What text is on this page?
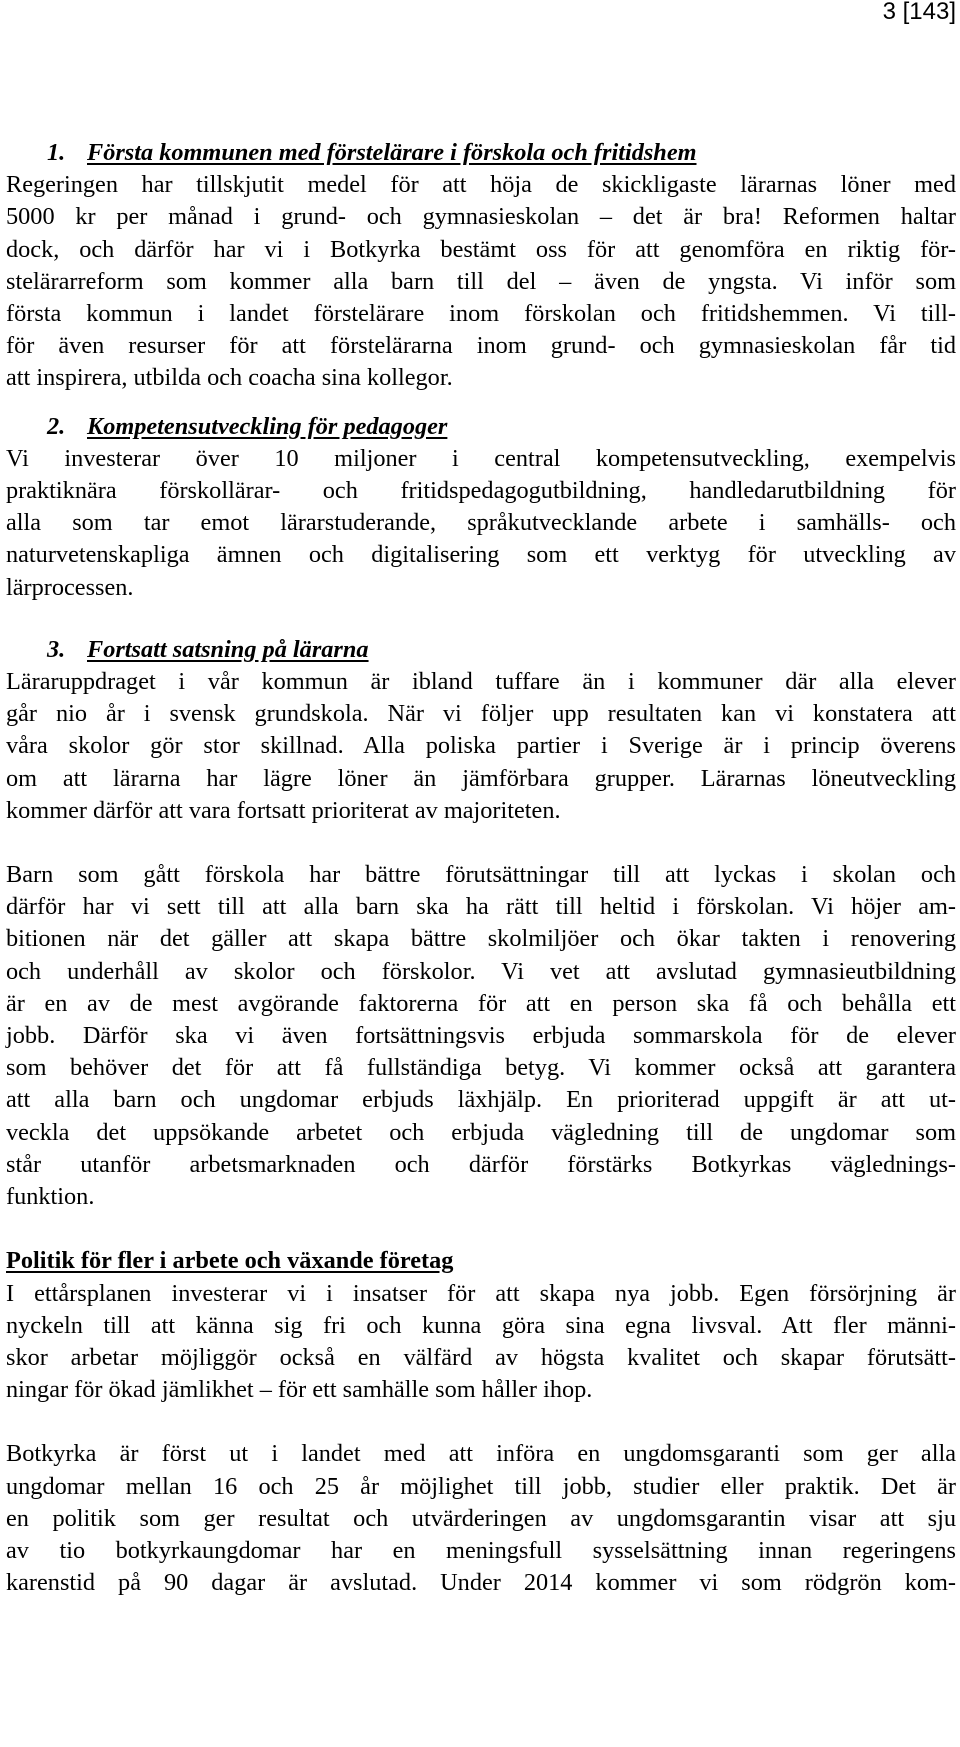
3 [143]
1. Första kommunen med förstelärare i förskola och fritidshem
Regeringen har tillskjutit medel för att höja de skickligaste lärarnas löner med
5000 kr per månad i grund- och gymnasieskolan – det är bra! Reformen haltar
dock, och därför har vi i Botkyrka bestämt oss för att genomföra en riktig för-
stelärarreform som kommer alla barn till del – även de yngsta. Vi inför som
första kommun i landet förstelärare inom förskolan och fritidshemmen. Vi till-
för även resurser för att förstelärarna inom grund- och gymnasieskolan får tid
att inspirera, utbilda och coacha sina kollegor.
2. Kompetensutveckling för pedagoger
Vi investerar över 10 miljoner i central kompetensutveckling, exempelvis
praktiknära förskollärar- och fritidspedagogutbildning, handledarutbildning för
alla som tar emot lärarstuderande, språkutvecklande arbete i samhälls- och
naturvetenskapliga ämnen och digitalisering som ett verktyg för utveckling av
lärprocessen.
3. Fortsatt satsning på lärarna
Läraruppdraget i vår kommun är ibland tuffare än i kommuner där alla elever
går nio år i svensk grundskola. När vi följer upp resultaten kan vi konstatera att
våra skolor gör stor skillnad. Alla poliska partier i Sverige är i princip överens
om att lärarna har lägre löner än jämförbara grupper. Lärarnas löneutveckling
kommer därför att vara fortsatt prioriterat av majoriteten.
Barn som gått förskola har bättre förutsättningar till att lyckas i skolan och
därför har vi sett till att alla barn ska ha rätt till heltid i förskolan. Vi höjer am-
bitionen när det gäller att skapa bättre skolmiljöer och ökar takten i renovering
och underhåll av skolor och förskolor. Vi vet att avslutad gymnasieutbildning
är en av de mest avgörande faktorerna för att en person ska få och behålla ett
jobb. Därför ska vi även fortsättningsvis erbjuda sommarskola för de elever
som behöver det för att få fullständiga betyg. Vi kommer också att garantera
att alla barn och ungdomar erbjuds läxhjälp. En prioriterad uppgift är att ut-
veckla det uppsökande arbetet och erbjuda vägledning till de ungdomar som
står utanför arbetsmarknaden och därför förstärks Botkyrkas väglednings-
funktion.
Politik för fler i arbete och växande företag
I ettårsplanen investerar vi i insatser för att skapa nya jobb. Egen försörjning är
nyckeln till att känna sig fri och kunna göra sina egna livsval. Att fler männi-
skor arbetar möjliggör också en välfärd av högsta kvalitet och skapar förutsätt-
ningar för ökad jämlikhet – för ett samhälle som håller ihop.
Botkyrka är först ut i landet med att införa en ungdomsgaranti som ger alla
ungdomar mellan 16 och 25 år möjlighet till jobb, studier eller praktik. Det är
en politik som ger resultat och utvärderingen av ungdomsgarantin visar att sju
av tio botkyrkaungdomar har en meningsfull sysselsättning innan regeringens
karenstid på 90 dagar är avslutad. Under 2014 kommer vi som rödgrön kom-
